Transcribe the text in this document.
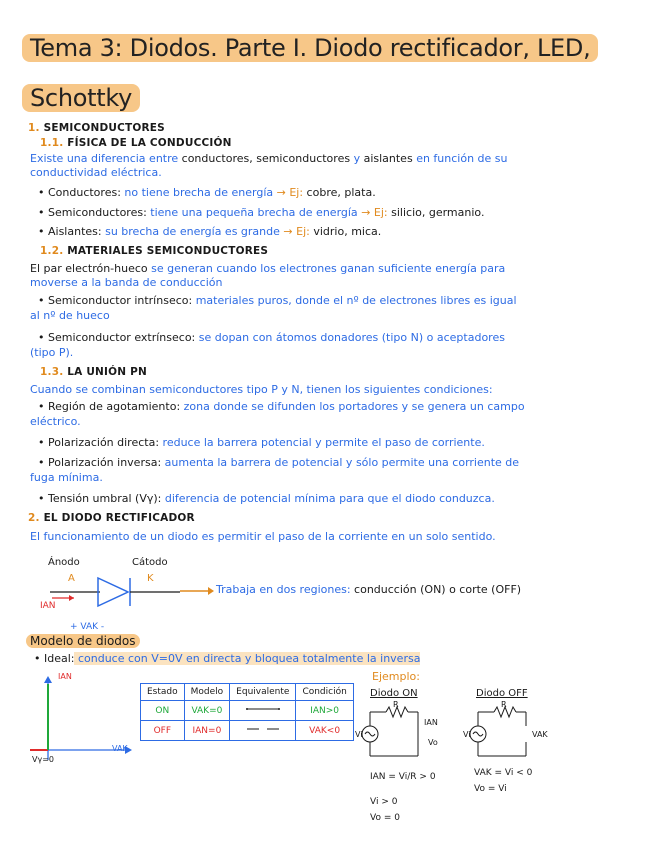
Tema 3: Diodos. Parte I. Diodo rectificador, LED,
Schottky
1. SEMICONDUCTORES
1.1. FÍSICA DE LA CONDUCCIÓN
Existe una diferencia entre conductores, semiconductores y aislantes en función de su
conductividad eléctrica.
• Conductores: no tiene brecha de energía → Ej: cobre, plata.
• Semiconductores: tiene una pequeña brecha de energía → Ej: silicio, germanio.
• Aislantes: su brecha de energía es grande → Ej: vidrio, mica.
1.2. MATERIALES SEMICONDUCTORES
El par electrón-hueco se generan cuando los electrones ganan suficiente energía para
moverse a la banda de conducción
• Semiconductor intrínseco: materiales puros, donde el nº de electrones libres es igual
al nº de hueco
• Semiconductor extrínseco: se dopan con átomos donadores (tipo N) o aceptadores
(tipo P).
1.3. LA UNIÓN PN
Cuando se combinan semiconductores tipo P y N, tienen los siguientes condiciones:
• Región de agotamiento: zona donde se difunden los portadores y se genera un campo
eléctrico.
• Polarización directa: reduce la barrera potencial y permite el paso de corriente.
• Polarización inversa: aumenta la barrera de potencial y sólo permite una corriente de
fuga mínima.
• Tensión umbral (Vγ): diferencia de potencial mínima para que el diodo conduzca.
2. EL DIODO RECTIFICADOR
El funcionamiento de un diodo es permitir el paso de la corriente en un solo sentido.
Ánodo	Cátodo
A	K
IAN
+ VAK -
Trabaja en dos regiones: conducción (ON) o corte (OFF)
Modelo de diodos
• Ideal: conduce con V=0V en directa y bloquea totalmente la inversa
IAN
VAK
Vγ=0
Estado	Modelo	Equivalente	Condición
ON	VAK=0		IAN>0
OFF	IAN=0		VAK<0
Ejemplo:
Diodo ON	Diodo OFF
R
Vi
IAN
Vo
IAN = Vi/R > 0
Vi > 0
Vo = 0
R
Vi	VAK
VAK = Vi < 0
Vo = Vi
